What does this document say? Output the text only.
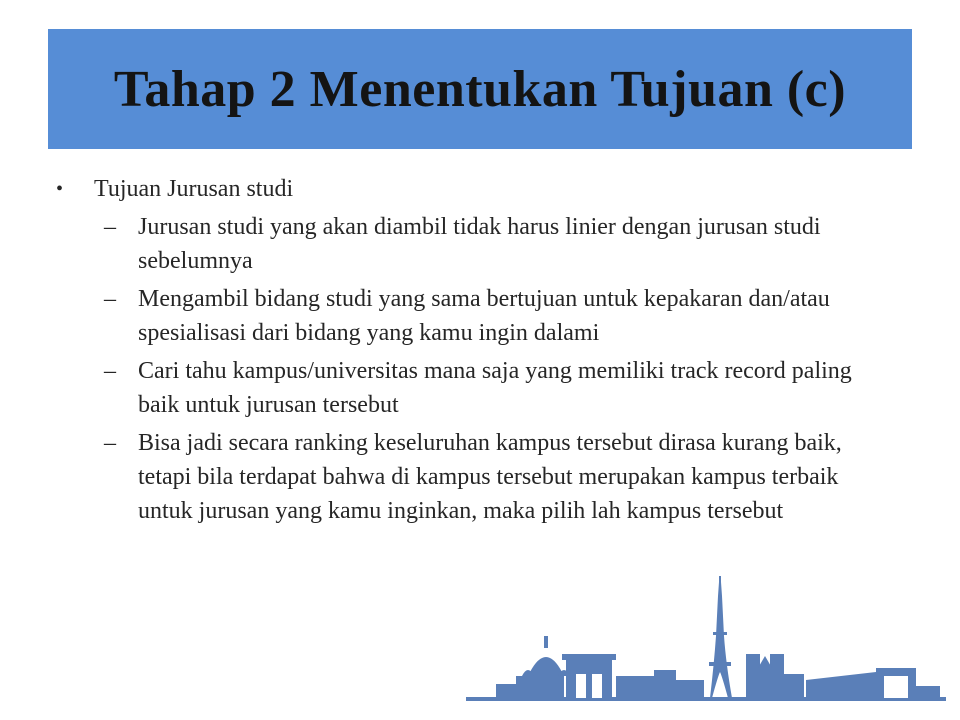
Tahap 2 Menentukan Tujuan (c)
•	Tujuan Jurusan studi
– Jurusan studi yang akan diambil tidak harus linier dengan jurusan studi sebelumnya
– Mengambil bidang studi yang sama bertujuan untuk kepakaran dan/atau spesialisasi dari bidang yang kamu ingin dalami
– Cari tahu kampus/universitas mana saja yang memiliki track record paling baik untuk jurusan tersebut
– Bisa jadi secara ranking keseluruhan kampus tersebut dirasa kurang baik, tetapi bila terdapat bahwa di kampus tersebut merupakan kampus terbaik untuk jurusan yang kamu inginkan, maka pilih lah kampus tersebut
